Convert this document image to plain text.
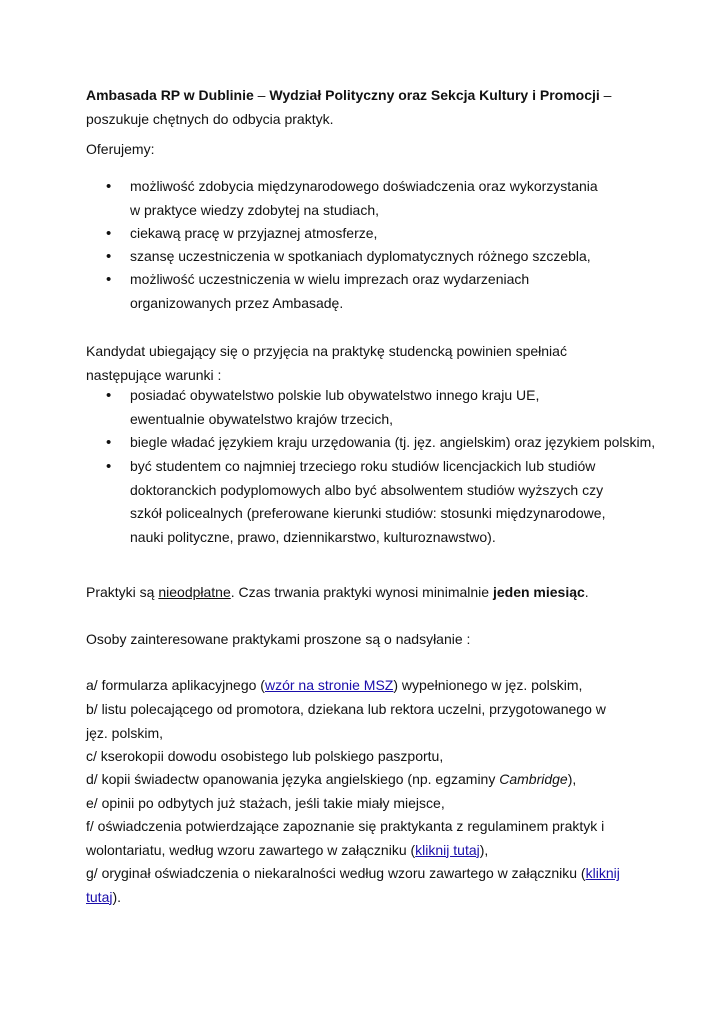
Ambasada RP w Dublinie – Wydział Polityczny oraz Sekcja Kultury i Promocji – poszukuje chętnych do odbycia praktyk.

Oferujemy:

• możliwość zdobycia międzynarodowego doświadczenia oraz wykorzystania w praktyce wiedzy zdobytej na studiach,

• ciekawą pracę w przyjaznej atmosferze,

• szansę uczestniczenia w spotkaniach dyplomatycznych różnego szczebla,

• możliwość uczestniczenia w wielu imprezach oraz wydarzeniach organizowanych przez Ambasadę.

Kandydat ubiegający się o przyjęcia na praktykę studencką powinien spełniać następujące warunki :

• posiadać obywatelstwo polskie lub obywatelstwo innego kraju UE,
ewentualnie obywatelstwo krajów trzecich,

• biegle władać językiem kraju urzędowania (tj. jęz. angielskim) oraz językiem polskim,

• być studentem co najmniej trzeciego roku studiów licencjackich lub studiów doktoranckich podyplomowych albo być absolwentem studiów wyższych czy szkół policealnych (preferowane kierunki studiów: stosunki międzynarodowe, nauki polityczne, prawo, dziennikarstwo, kulturoznawstwo).

Praktyki są nieodpłatne. Czas trwania praktyki wynosi minimalnie jeden miesiąc.

Osoby zainteresowane praktykami proszone są o nadsyłanie :

a/ formularza aplikacyjnego (wzór na stronie MSZ) wypełnionego w jęz. polskim,

b/ listu polecającego od promotora, dziekana lub rektora uczelni, przygotowanego w jęz. polskim,

c/ kserokopii dowodu osobistego lub polskiego paszportu,

d/ kopii świadectw opanowania języka angielskiego (np. egzaminy Cambridge),

e/ opinii po odbytych już stażach, jeśli takie miały miejsce,

f/ oświadczenia potwierdzające zapoznanie się praktykanta z regulaminem praktyk i wolontariatu, według wzoru zawartego w załączniku (kliknij tutaj),

g/ oryginał oświadczenia o niekaralności według wzoru zawartego w załączniku (kliknij tutaj).
